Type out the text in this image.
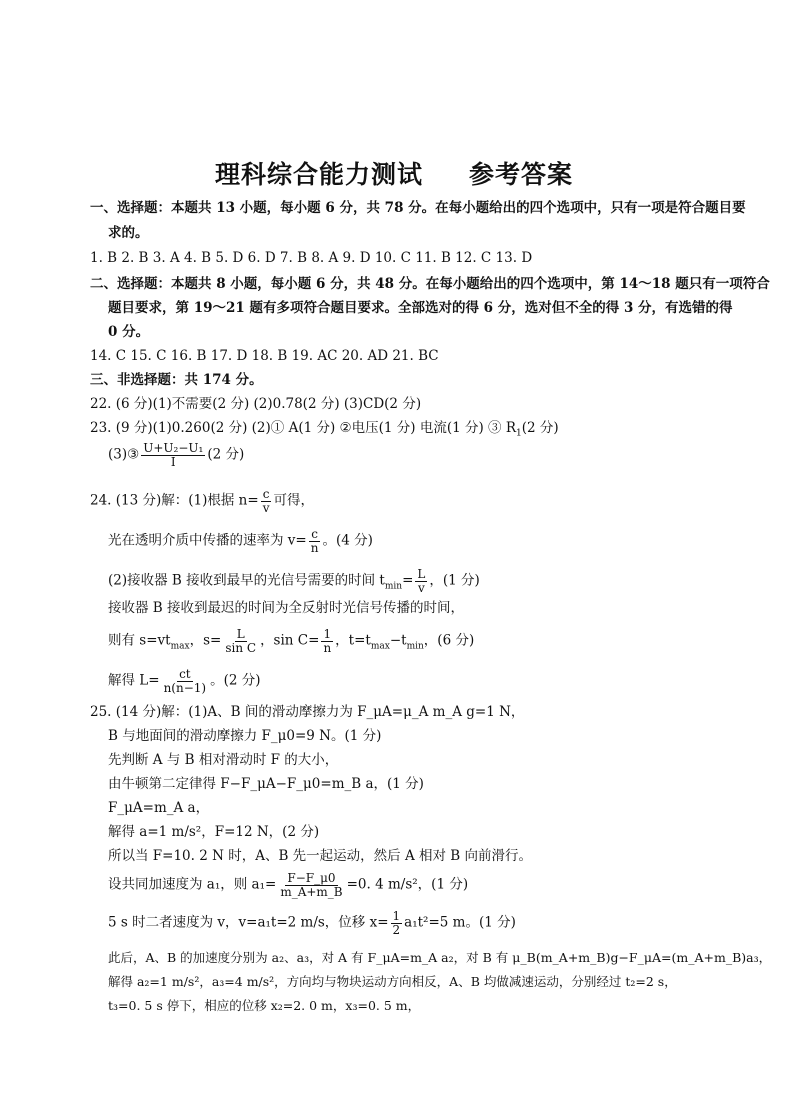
理科综合能力测试 参考答案
一、选择题：本题共 13 小题，每小题 6 分，共 78 分。在每小题给出的四个选项中，只有一项是符合题目要
求的。
1. B 2. B 3. A 4. B 5. D 6. D 7. B 8. A 9. D 10. C 11. B 12. C 13. D
二、选择题：本题共 8 小题，每小题 6 分，共 48 分。在每小题给出的四个选项中，第 14～18 题只有一项符合
题目要求，第 19～21 题有多项符合题目要求。全部选对的得 6 分，选对但不全的得 3 分，有选错的得
0 分。
14. C 15. C 16. B 17. D 18. B 19. AC 20. AD 21. BC
三、非选择题：共 174 分。
22. (6 分)(1)不需要(2 分) (2)0.78(2 分) (3)CD(2 分)
23. (9 分)(1)0.260(2 分) (2)① A(1 分) ②电压(1 分) 电流(1 分) ③ $R_1(2$ 分)
(3)③ $\frac{\text{U+U₂−U₁}}{I} (2$ 分)
24. (13 分)解：(1)根据 $n= \frac{c}{v}$ 可得，
光在透明介质中传播的速率为 $v= \frac{c}{n}$ 。(4 分)
(2)接收器 B 接收到最早的光信号需要的时间 $t_{min}= \frac{L}{v}$ ，(1 分)
接收器 B 接收到最迟的时间为全反射时光信号传播的时间，
则有 $s=vt_{max}$，$s= \frac{L}{\text{sin C}}$ ，$\sin C= \frac{1}{n}$ ，$t=t_{max}-t_{min}$，(6 分)
解得 $L= \frac{ct}{n(n-1)}$ 。(2 分)
25. (14 分)解：(1)A、B 间的滑动摩擦力为 F_μA=μ_A m_A g=1 N，
B 与地面间的滑动摩擦力 F_μ0=9 N。(1 分)
先判断 A 与 B 相对滑动时 F 的大小，
由牛顿第二定律得 F−F_μA−F_μ0=m_B a，(1 分)
F_μA=m_A a，
解得 a=1 m/s²，F=12 N，(2 分)
所以当 F=10. 2 N 时，A、B 先一起运动，然后 A 相对 B 向前滑行。
设共同加速度为 a₁，则 $a_1= \frac{F-F\_\mu 0}{m\_A+m\_B} =0$. 4 m/s²，(1 分)
5 s 时二者速度为 v，v=a₁t=2 m/s，位移 $x= \frac{1}{2} a_1t^2=5$ m。(1 分)
此后，A、B 的加速度分别为 a₂、a₃，对 A 有 F_μA=m_A a₂，对 B 有 μ_B(m_A+m_B)g−F_μA=(m_A+m_B)a₃，
解得 a₂=1 m/s²，a₃=4 m/s²，方向均与物块运动方向相反，A、B 均做减速运动，分别经过 t₂=2 s，
t₃=0. 5 s 停下，相应的位移 x₂=2. 0 m，x₃=0. 5 m，
